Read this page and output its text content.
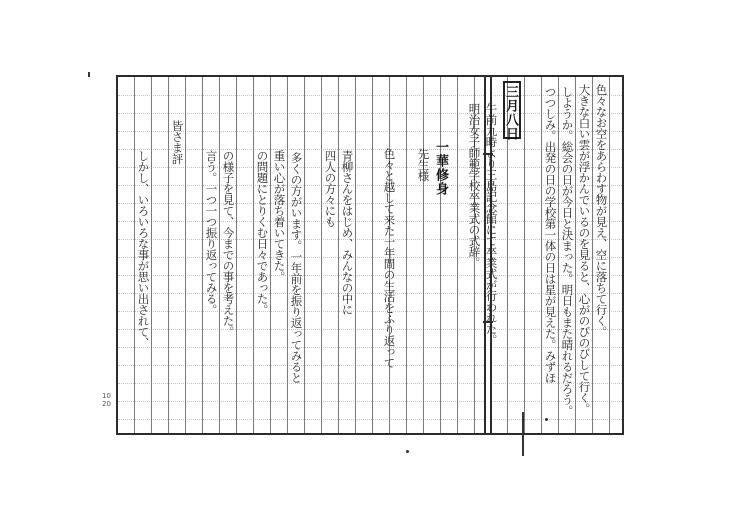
三月八日	色々なお空をあらわす物が見え、空に落ちて行く。
大きな白い雲が浮かんでいるのを見ると、心がのびのびして行く。
しようか。総会の日が今日と決まった。明日もまた晴れるだろう。
つつしみ。出発の日の学校第一体の日は星が見えた。みずほ
午前九時より三島記念館にて卒業式が行われた。
明治女子師範学校卒業式の式辞。
一華修身
先生様
色々と越して来た一年間の生活をふり返って
青柳さんをはじめ、みんなの中に
四人の方々にも
多くの方がいます。一年前を振り返ってみると
重い心が落ち着いてきた。
の問題にとりくむ日々であった。
の様子を見て、今までの事を考えた。
言う。一つ一つ振り返ってみる。
皆さま評
しかし、いろいろな事が思い出されて、
10
20
